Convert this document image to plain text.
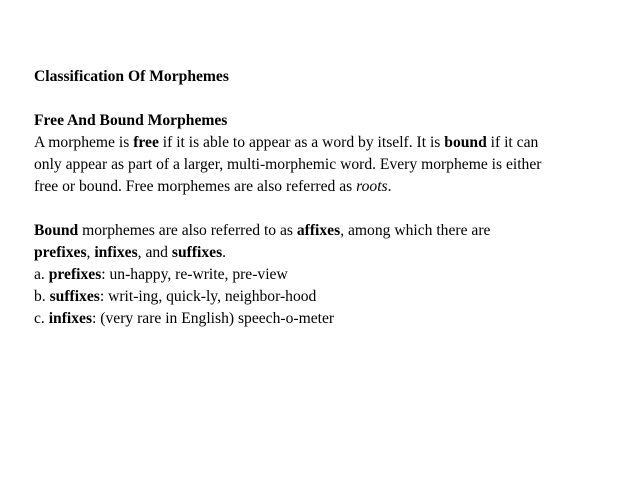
Classification Of Morphemes
Free And Bound Morphemes
A morpheme is free if it is able to appear as a word by itself. It is bound if it can
only appear as part of a larger, multi-morphemic word. Every morpheme is either
free or bound. Free morphemes are also referred as roots.
Bound morphemes are also referred to as affixes, among which there are
prefixes, infixes, and suffixes.
a. prefixes: un-happy, re-write, pre-view
b. suffixes: writ-ing, quick-ly, neighbor-hood
c. infixes: (very rare in English) speech-o-meter
